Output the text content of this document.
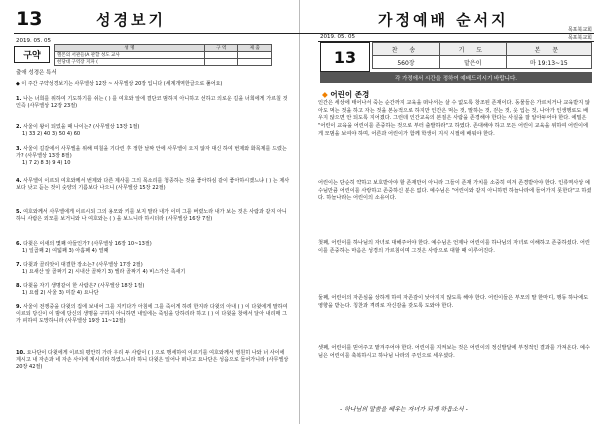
13	성경보기
목포북교회
2019. 05. 05
구약
성 명	구 역	제 출
헬몬의 서관들(A 관할 성도 교사		
헌당대 구역장 지파 (		
출애 성경은 특서
◆ 이 주간 구약성경보기는 사무엘상 12장 ~ 사무엘상 20장 입니다 (세계개역한글으로 풀어요)
1. 나는 너희를 위하여 기도하기를 쉬는 ( ) 를 여호와 앞에 결단코 범하지 아니하고 선하고 의로운 길을 너희에게 가르칠 것인즉 (사무엘상 12장 23절)
2. 사울이 왕이 되었을 때 나이는? (사무엘상 13장 1절)
1) 33 2) 40 3) 50 4) 60
3. 사울이 길갈에서 사무엘을 위해 며칠을 기다린 후 정한 날짜 안에 사무엘이 오지 않자 대신 하여 번제와 화목제를 드렸는가? (사무엘상 13장 8절)
1) 7 2) 8 3) 9 4) 10
4. 사무엘이 이르되 여호와께서 번제와 다른 제사를 그의 목소리를 청종하는 것을 좋아하심 같이 좋아하시겠느냐 ( ) 는 제사보다 낫고 듣는 것이 숫양의 기름보다 나으니 (사무엘상 15장 22절)
5. 여호와께서 사무엘에게 이르시되 그의 용모와 키를 보지 말라 내가 이미 그를 버렸노라 내가 보는 것은 사람과 같지 아니하니 사람은 외모를 보거니와 나 여호와는 ( ) 을 보느니라 하시더라 (사무엘상 16장 7절)
6. 다윗은 이새의 몇째 아들인가? (사무엘상 16장 10~13절)
1) 일곱째 2) 여덟째 3) 아홉째 4) 열째
7. 다윗과 골리앗이 대결한 장소는? (사무엘상 17장 2절)
1) 요새산 앞 골짜기 2) 시내산 골짜기 3) 엘라 골짜기 4) 비스가산 족새기
8. 다윗을 자기 생명같이 한 사람은? (사무엘상 18장 1절)
1) 요셉 2) 사울 3) 미갈 4) 요나단
9. 사울이 전쟁중을 다윗의 집에 보내어 그를 지키다가 아침에 그를 죽이게 하려 한지라 다윗의 아내 ( ) 이 다윗에게 말하여 이르되 당신이 이 밤에 당신의 생명을 구하지 아니하면 내일에는 죽임을 당하리라 하고 ( ) 이 다윗을 창에서 달아 내리매 그가 피하여 도망하니라 (사무엘상 19장 11~12절)
10. 요나단이 다윗에게 이르되 평안히 가라 우리 두 사람이 ( ) 으로 맹세하여 이르기를 여호와께서 영원히 나와 너 사이에 계시고 내 자손과 네 자손 사이에 계시리라 하였느니라 하니 다윗은 일어나 떠나고 요나단은 성읍으로 들어가니라 (사무엘상 20장 42절)
가정예배 순서지
2019. 05. 05	목포북교회
13	찬 송	기 도	본 문
560장	맡은이	마 19:13~15
각 가정에서 시간을 정하여 예배드리시기 바랍니다.
◆ 어린이 존경
인간은 세상에 태어나서 죽는 순간까지 교육을 떠나서는 살 수 없도록 창조된 존재이다. 동물들은 가르치거나 교육받지 않아도 먹는 것을 하고 자는 것을 본능적으로 하지만 인간은 먹는 것, 말하는 것, 걷는 것, 옷 입는 것, 나아가 인생행로도 배우지 않으면 안 되도록 지어졌다. 그런데 인간교육의 본질은 사람을 존경해야 한다는 사실을 잘 알아두어야 한다. 에밀은 "어린이 교육을 어린이를 존중하는 것으로 부터 출발하라"고 하였다. 존대해야 하고 모든 어린이 교육을 위하여 어린이에게 모범을 보여야 하며, 어른과 어린이가 함께 학생이 지식 시절에 배워야 한다.
어린이는 단순히 약하고 보호받아야 할 존재만이 아니라 그들이 존재 가치를 소중히 여겨 존경받아야 한다. 인류역사상 예수님만큼 어린이를 사랑하고 존중하신 분은 없다. 예수님은 "어린이와 같지 아니하면 하늘나라에 들어가지 못한다"고 하셨다. 하늘나라는 어린이의 소유이다.
첫째, 어린이를 하나님의 자녀로 대해주어야 한다. 예수님은 언제나 어린이를 하나님의 자녀로 이해하고 존중하셨다. 어린이를 존중하는 마음은 성경의 가르침이며 그것은 사랑으로 대할 때 이루어진다.
둘째, 어린이의 자존심을 상하게 하여 자존감이 낮아지지 않도록 해야 한다. 어린이들은 부모의 말 한마디, 행동 하나에도 영향을 받는다. 칭찬과 격려로 자신감을 갖도록 도와야 한다.
셋째, 어린이를 믿어주고 맡겨주어야 한다. 어린이를 지켜보는 것은 어린이의 정신발달에 부정적인 결과를 가져온다. 예수님은 어린이를 축복하시고 하나님 나라의 주인으로 세우셨다.
- 하나님의 말씀을 배우는 자녀가 되게 하옵소서 -
